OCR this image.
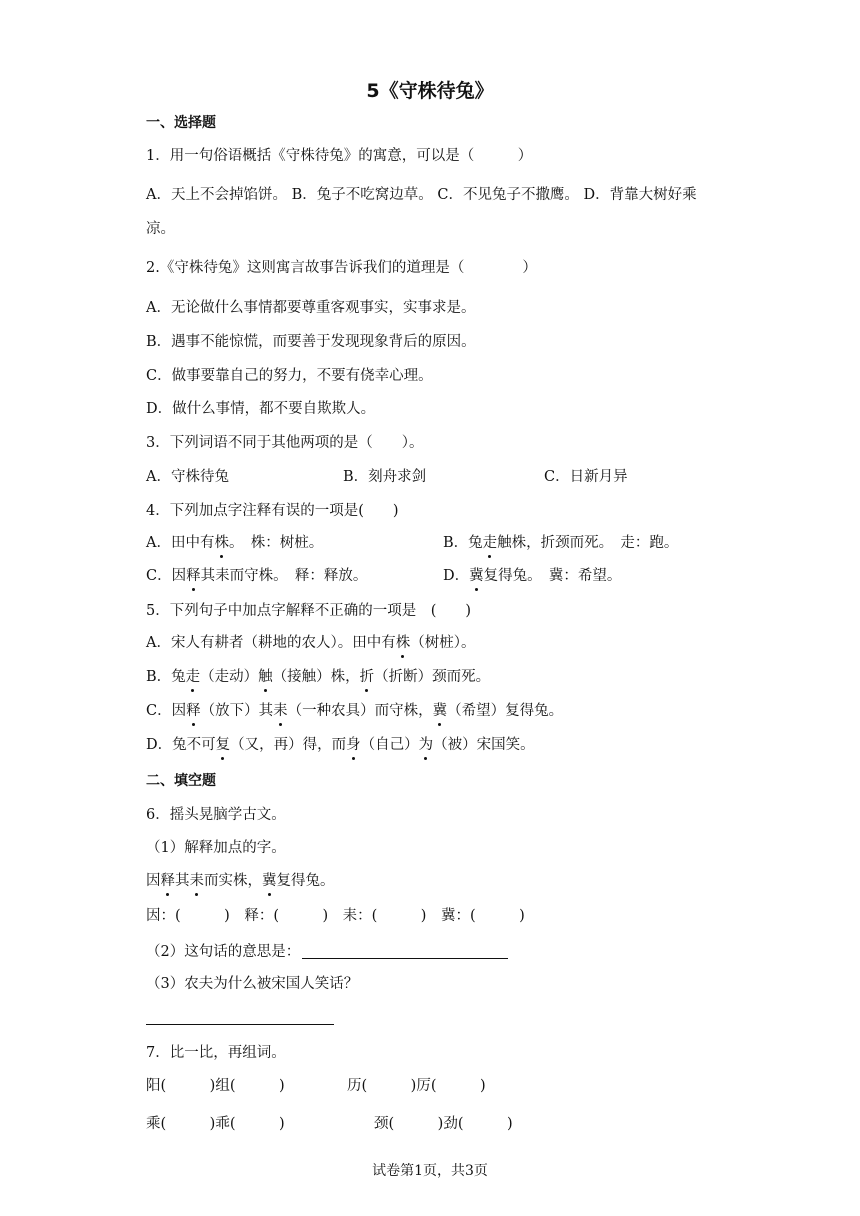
5《守株待兔》
一、选择题
1．用一句俗语概括《守株待兔》的寓意，可以是（　　　）
A．天上不会掉馅饼。 B．兔子不吃窝边草。 C．不见兔子不撒鹰。 D．背靠大树好乘
凉。
2.《守株待兔》这则寓言故事告诉我们的道理是（　　　　）
A．无论做什么事情都要尊重客观事实，实事求是。
B．遇事不能惊慌，而要善于发现现象背后的原因。
C．做事要靠自己的努力，不要有侥幸心理。
D．做什么事情，都不要自欺欺人。
3．下列词语不同于其他两项的是（　　）。
A．守株待兔	B．刻舟求剑	C．日新月异
4．下列加点字注释有误的一项是(　　)
A．田中有株。　株：树桩。	B．兔走触株，折颈而死。　走：跑。
C．因释其耒而守株。　释：释放。	D．冀复得兔。　冀：希望。
5．下列句子中加点字解释不正确的一项是　(　　)
A．宋人有耕者（耕地的农人）。田中有株（树桩）。
B．兔走（走动）触（接触）株，折（折断）颈而死。
C．因释（放下）其耒（一种农具）而守株，冀（希望）复得兔。
D．兔不可复（又，再）得，而身（自己）为（被）宋国笑。
二、填空题
6．摇头晃脑学古文。
（1）解释加点的字。
因释其耒而实株，冀复得兔。
因：(　　　)　释：(　　　)　耒：(　　　)　冀：(　　　)
（2）这句话的意思是：
（3）农夫为什么被宋国人笑话？
7．比一比，再组词。
阳(　　　)组(　　　)	历(　　　)厉(　　　)
乘(　　　)乖(　　　)	颈(　　　)劲(　　　)
试卷第1页，共3页
